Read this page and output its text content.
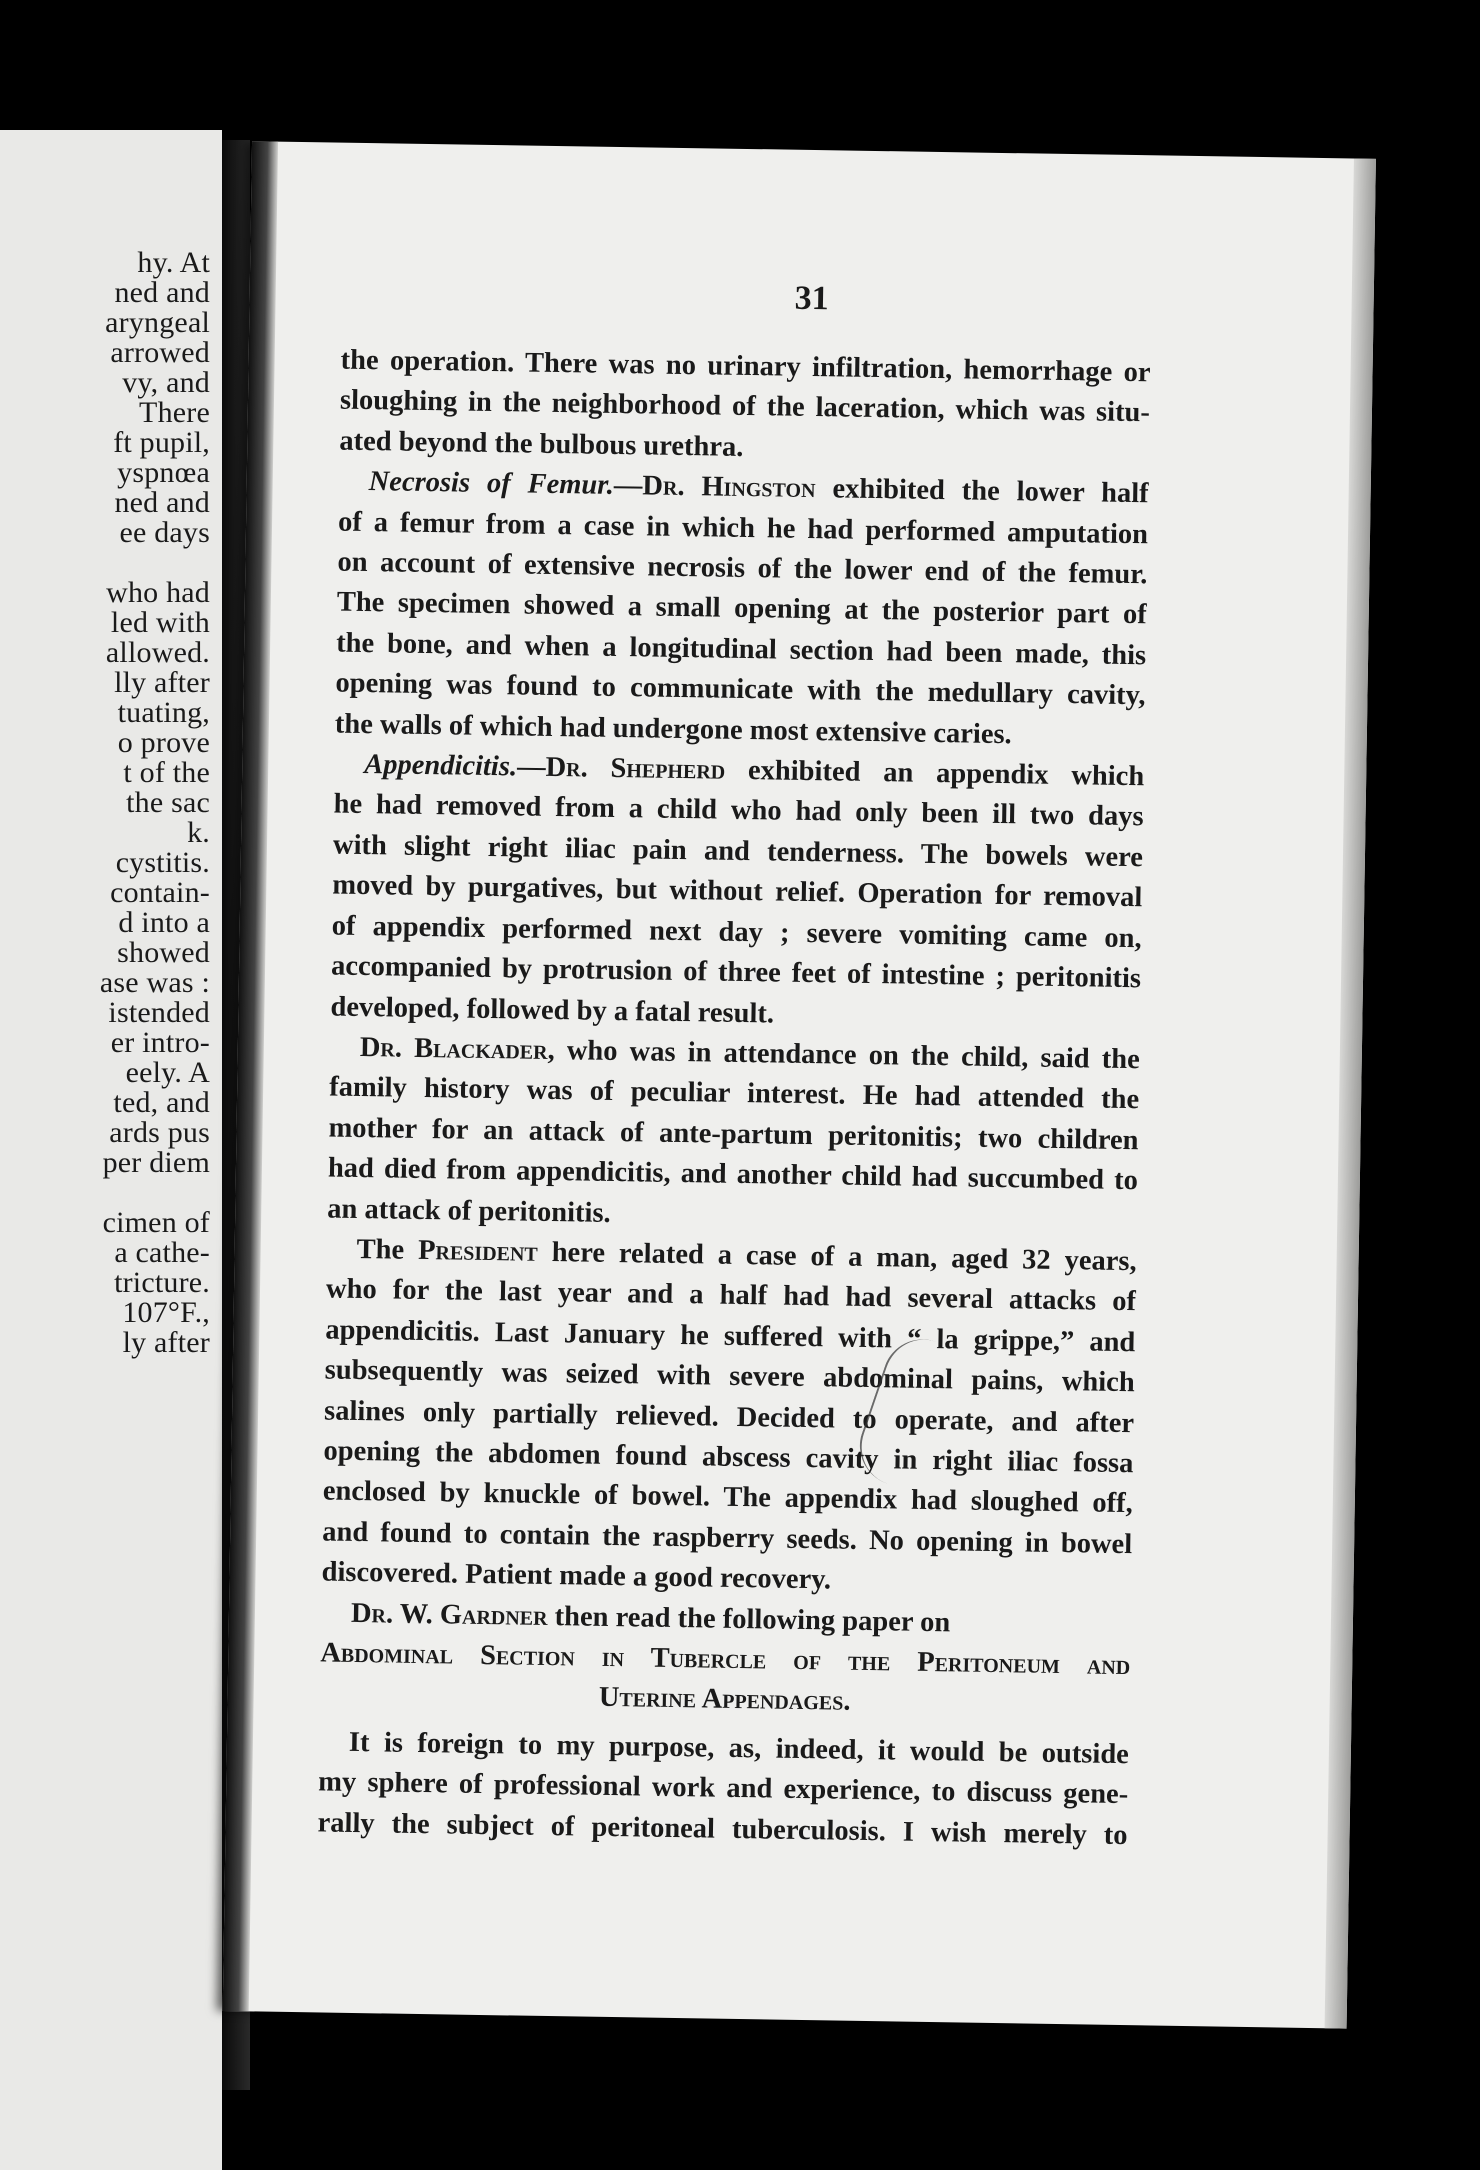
hy. At
ned and
aryngeal
arrowed
vy, and
There
ft pupil,
yspnœa
ned and
ee days
who had
led with
allowed.
lly after
tuating,
o prove
t of the
the sac
k.
cystitis.
contain-
d into a
showed
ase was :
istended
er intro-
eely. A
ted, and
ards pus
per diem
cimen of
a cathe-
tricture.
107°F.,
ly after
31
the operation. There was no urinary infiltration, hemorrhage or
sloughing in the neighborhood of the laceration, which was situ-
ated beyond the bulbous urethra.
Necrosis of Femur.—Dr. Hingston exhibited the lower half
of a femur from a case in which he had performed amputation
on account of extensive necrosis of the lower end of the femur.
The specimen showed a small opening at the posterior part of
the bone, and when a longitudinal section had been made, this
opening was found to communicate with the medullary cavity,
the walls of which had undergone most extensive caries.
Appendicitis.—Dr. Shepherd exhibited an appendix which
he had removed from a child who had only been ill two days
with slight right iliac pain and tenderness. The bowels were
moved by purgatives, but without relief. Operation for removal
of appendix performed next day ; severe vomiting came on,
accompanied by protrusion of three feet of intestine ; peritonitis
developed, followed by a fatal result.
Dr. Blackader, who was in attendance on the child, said the
family history was of peculiar interest. He had attended the
mother for an attack of ante-partum peritonitis; two children
had died from appendicitis, and another child had succumbed to
an attack of peritonitis.
The President here related a case of a man, aged 32 years,
who for the last year and a half had had several attacks of
appendicitis. Last January he suffered with “ la grippe,” and
subsequently was seized with severe abdominal pains, which
salines only partially relieved. Decided to operate, and after
opening the abdomen found abscess cavity in right iliac fossa
enclosed by knuckle of bowel. The appendix had sloughed off,
and found to contain the raspberry seeds. No opening in bowel
discovered. Patient made a good recovery.
Dr. W. Gardner then read the following paper on
Abdominal Section in Tubercle of the Peritoneum and
Uterine Appendages.
It is foreign to my purpose, as, indeed, it would be outside
my sphere of professional work and experience, to discuss gene-
rally the subject of peritoneal tuberculosis. I wish merely to
